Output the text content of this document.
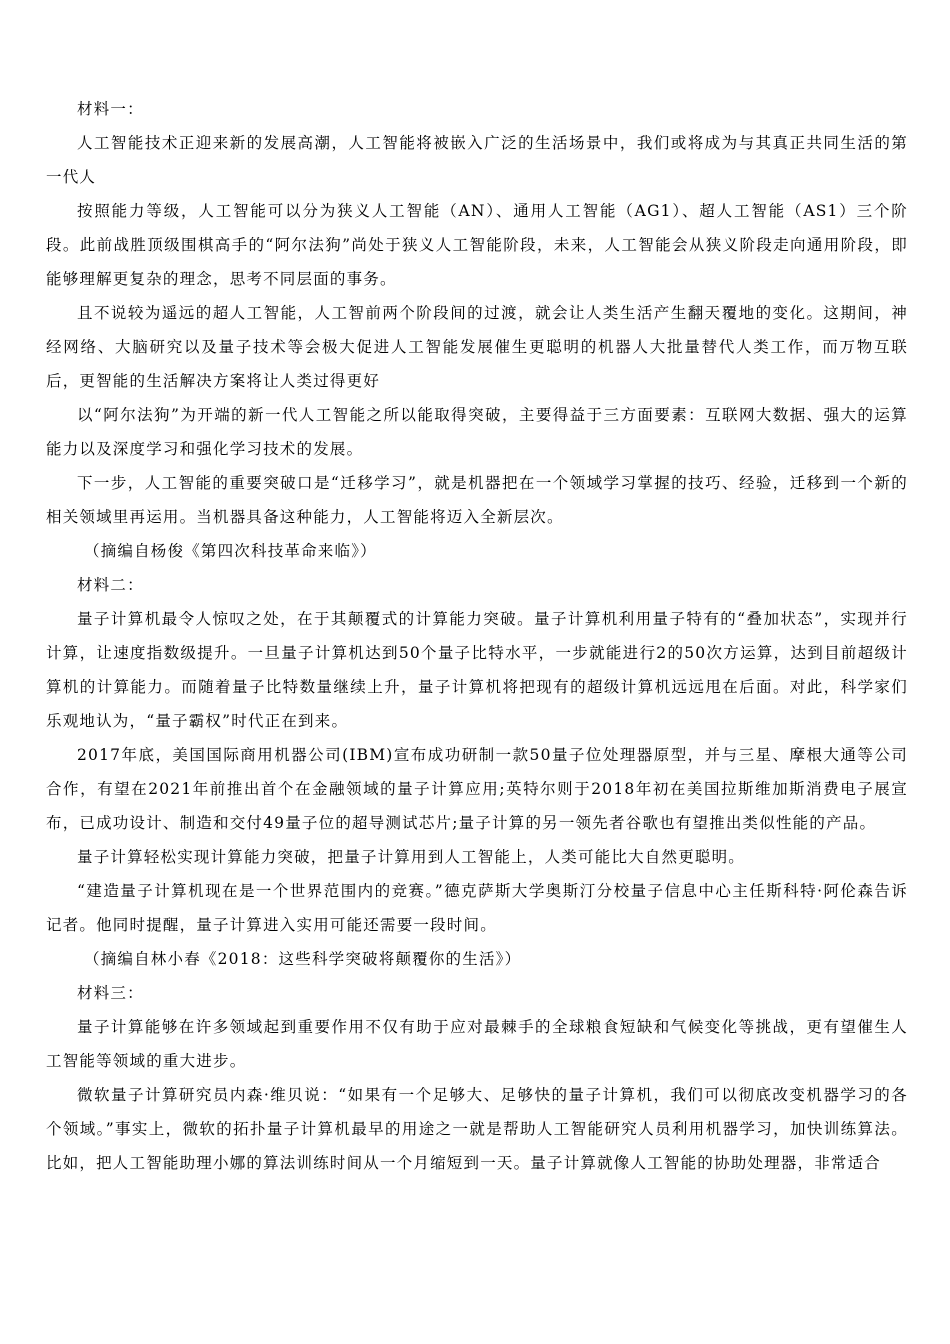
材料一：

人工智能技术正迎来新的发展高潮，人工智能将被嵌入广泛的生活场景中，我们或将成为与其真正共同生活的第一代人

按照能力等级，人工智能可以分为狭义人工智能（AN）、通用人工智能（AG1）、超人工智能（AS1）三个阶段。此前战胜顶级围棋高手的“阿尔法狗”尚处于狭义人工智能阶段，未来，人工智能会从狭义阶段走向通用阶段，即能够理解更复杂的理念，思考不同层面的事务。

且不说较为遥远的超人工智能，人工智前两个阶段间的过渡，就会让人类生活产生翻天覆地的变化。这期间，神经网络、大脑研究以及量子技术等会极大促进人工智能发展催生更聪明的机器人大批量替代人类工作，而万物互联后，更智能的生活解决方案将让人类过得更好

以“阿尔法狗”为开端的新一代人工智能之所以能取得突破，主要得益于三方面要素：互联网大数据、强大的运算能力以及深度学习和强化学习技术的发展。

下一步，人工智能的重要突破口是“迁移学习”，就是机器把在一个领域学习掌握的技巧、经验，迁移到一个新的相关领域里再运用。当机器具备这种能力，人工智能将迈入全新层次。

（摘编自杨俊《第四次科技革命来临》）

材料二：

量子计算机最令人惊叹之处，在于其颠覆式的计算能力突破。量子计算机利用量子特有的“叠加状态”，实现并行计算，让速度指数级提升。一旦量子计算机达到50个量子比特水平，一步就能进行2的50次方运算，达到目前超级计算机的计算能力。而随着量子比特数量继续上升，量子计算机将把现有的超级计算机远远甩在后面。对此，科学家们乐观地认为，“量子霸权”时代正在到来。

2017年底，美国国际商用机器公司(IBM)宣布成功研制一款50量子位处理器原型，并与三星、摩根大通等公司合作，有望在2021年前推出首个在金融领域的量子计算应用;英特尔则于2018年初在美国拉斯维加斯消费电子展宣布，已成功设计、制造和交付49量子位的超导测试芯片;量子计算的另一领先者谷歌也有望推出类似性能的产品。

量子计算轻松实现计算能力突破，把量子计算用到人工智能上，人类可能比大自然更聪明。

“建造量子计算机现在是一个世界范围内的竞赛。”德克萨斯大学奥斯汀分校量子信息中心主任斯科特·阿伦森告诉记者。他同时提醒，量子计算进入实用可能还需要一段时间。

（摘编自林小春《2018：这些科学突破将颠覆你的生活》）

材料三：

量子计算能够在许多领域起到重要作用不仅有助于应对最棘手的全球粮食短缺和气候变化等挑战，更有望催生人工智能等领域的重大进步。

微软量子计算研究员内森·维贝说：“如果有一个足够大、足够快的量子计算机，我们可以彻底改变机器学习的各个领域。”事实上，微软的拓扑量子计算机最早的用途之一就是帮助人工智能研究人员利用机器学习，加快训练算法。比如，把人工智能助理小娜的算法训练时间从一个月缩短到一天。量子计算就像人工智能的协助处理器，非常适合
